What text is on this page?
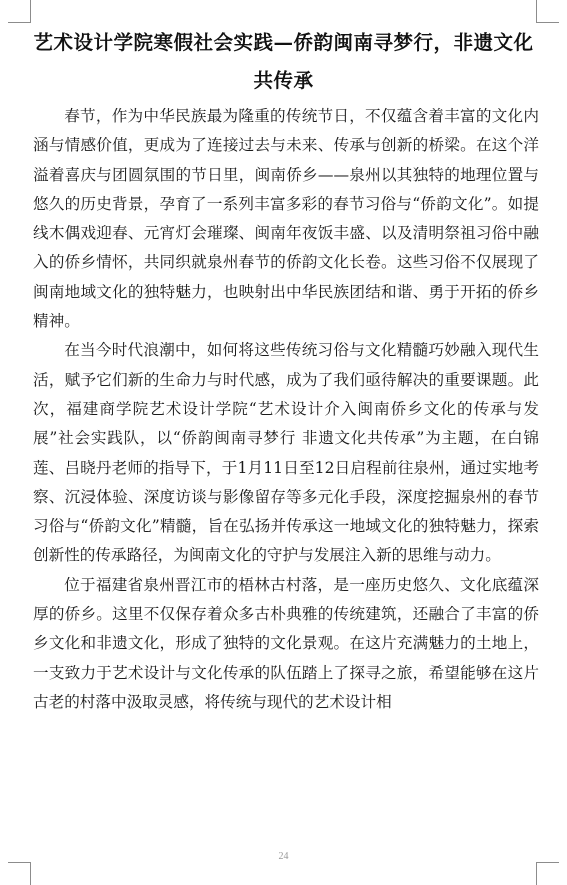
艺术设计学院寒假社会实践—侨韵闽南寻梦行，非遗文化共传承

春节，作为中华民族最为隆重的传统节日，不仅蕴含着丰富的文化内涵与情感价值，更成为了连接过去与未来、传承与创新的桥梁。在这个洋溢着喜庆与团圆氛围的节日里，闽南侨乡——泉州以其独特的地理位置与悠久的历史背景，孕育了一系列丰富多彩的春节习俗与“侨韵文化”。如提线木偶戏迎春、元宵灯会璀璨、闽南年夜饭丰盛、以及清明祭祖习俗中融入的侨乡情怀，共同织就泉州春节的侨韵文化长卷。这些习俗不仅展现了闽南地域文化的独特魅力，也映射出中华民族团结和谐、勇于开拓的侨乡精神。

在当今时代浪潮中，如何将这些传统习俗与文化精髓巧妙融入现代生活，赋予它们新的生命力与时代感，成为了我们亟待解决的重要课题。此次，福建商学院艺术设计学院“艺术设计介入闽南侨乡文化的传承与发展”社会实践队，以“侨韵闽南寻梦行 非遗文化共传承”为主题，在白锦莲、吕晓丹老师的指导下，于1月11日至12日启程前往泉州，通过实地考察、沉浸体验、深度访谈与影像留存等多元化手段，深度挖掘泉州的春节习俗与“侨韵文化”精髓，旨在弘扬并传承这一地域文化的独特魅力，探索创新性的传承路径，为闽南文化的守护与发展注入新的思维与动力。

位于福建省泉州晋江市的梧林古村落，是一座历史悠久、文化底蕴深厚的侨乡。这里不仅保存着众多古朴典雅的传统建筑，还融合了丰富的侨乡文化和非遗文化，形成了独特的文化景观。在这片充满魅力的土地上，一支致力于艺术设计与文化传承的队伍踏上了探寻之旅，希望能够在这片古老的村落中汲取灵感，将传统与现代的艺术设计相

24
